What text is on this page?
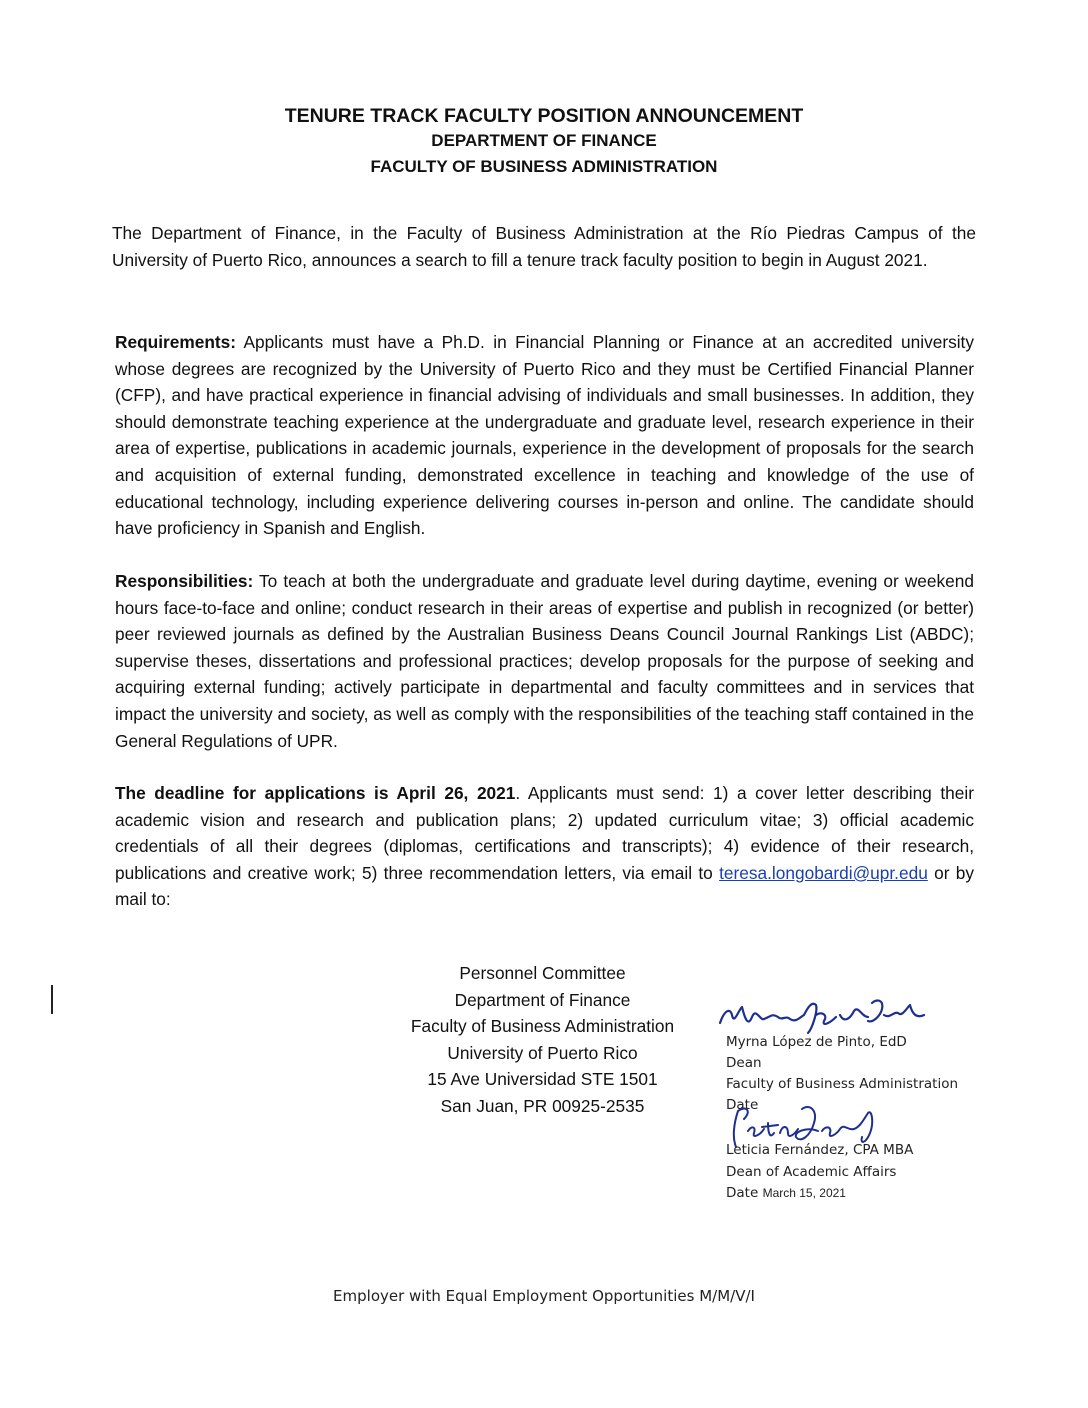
TENURE TRACK FACULTY POSITION ANNOUNCEMENT
DEPARTMENT OF FINANCE
FACULTY OF BUSINESS ADMINISTRATION

The Department of Finance, in the Faculty of Business Administration at the Río Piedras Campus of the University of Puerto Rico, announces a search to fill a tenure track faculty position to begin in August 2021.

Requirements: Applicants must have a Ph.D. in Financial Planning or Finance at an accredited university whose degrees are recognized by the University of Puerto Rico and they must be Certified Financial Planner (CFP), and have practical experience in financial advising of individuals and small businesses. In addition, they should demonstrate teaching experience at the undergraduate and graduate level, research experience in their area of expertise, publications in academic journals, experience in the development of proposals for the search and acquisition of external funding, demonstrated excellence in teaching and knowledge of the use of educational technology, including experience delivering courses in-person and online. The candidate should have proficiency in Spanish and English.

Responsibilities: To teach at both the undergraduate and graduate level during daytime, evening or weekend hours face-to-face and online; conduct research in their areas of expertise and publish in recognized (or better) peer reviewed journals as defined by the Australian Business Deans Council Journal Rankings List (ABDC); supervise theses, dissertations and professional practices; develop proposals for the purpose of seeking and acquiring external funding; actively participate in departmental and faculty committees and in services that impact the university and society, as well as comply with the responsibilities of the teaching staff contained in the General Regulations of UPR.

The deadline for applications is April 26, 2021. Applicants must send: 1) a cover letter describing their academic vision and research and publication plans; 2) updated curriculum vitae; 3) official academic credentials of all their degrees (diplomas, certifications and transcripts); 4) evidence of their research, publications and creative work; 5) three recommendation letters, via email to teresa.longobardi@upr.edu or by mail to:

Personnel Committee
Department of Finance
Faculty of Business Administration
University of Puerto Rico
15 Ave Universidad STE 1501
San Juan, PR 00925-2535
Myrna López de Pinto, EdD
Dean
Faculty of Business Administration
Date
Leticia Fernández, CPA MBA
Dean of Academic Affairs
Date March 15, 2021

Employer with Equal Employment Opportunities M/M/V/I
